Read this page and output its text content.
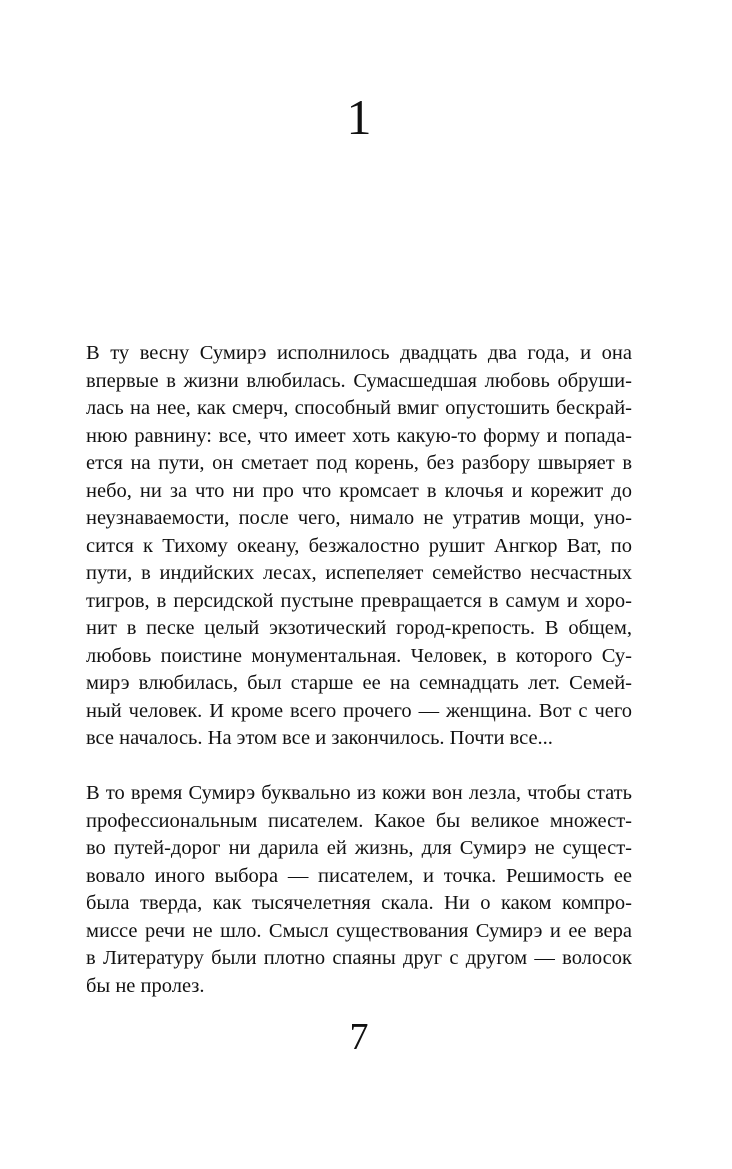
1
В ту весну Сумирэ исполнилось двадцать два года, и она
впервые в жизни влюбилась. Сумасшедшая любовь обруши-
лась на нее, как смерч, способный вмиг опустошить бескрай-
нюю равнину: все, что имеет хоть какую-то форму и попада-
ется на пути, он сметает под корень, без разбору швыряет в
небо, ни за что ни про что кромсает в клочья и корежит до
неузнаваемости, после чего, нимало не утратив мощи, уно-
сится к Тихому океану, безжалостно рушит Ангкор Ват, по
пути, в индийских лесах, испепеляет семейство несчастных
тигров, в персидской пустыне превращается в самум и хоро-
нит в песке целый экзотический город-крепость. В общем,
любовь поистине монументальная. Человек, в которого Су-
мирэ влюбилась, был старше ее на семнадцать лет. Семей-
ный человек. И кроме всего прочего — женщина. Вот с чего
все началось. На этом все и закончилось. Почти все...
В то время Сумирэ буквально из кожи вон лезла, чтобы стать
профессиональным писателем. Какое бы великое множест-
во путей-дорог ни дарила ей жизнь, для Сумирэ не сущест-
вовало иного выбора — писателем, и точка. Решимость ее
была тверда, как тысячелетняя скала. Ни о каком компро-
миссе речи не шло. Смысл существования Сумирэ и ее вера
в Литературу были плотно спаяны друг с другом — волосок
бы не пролез.
7
